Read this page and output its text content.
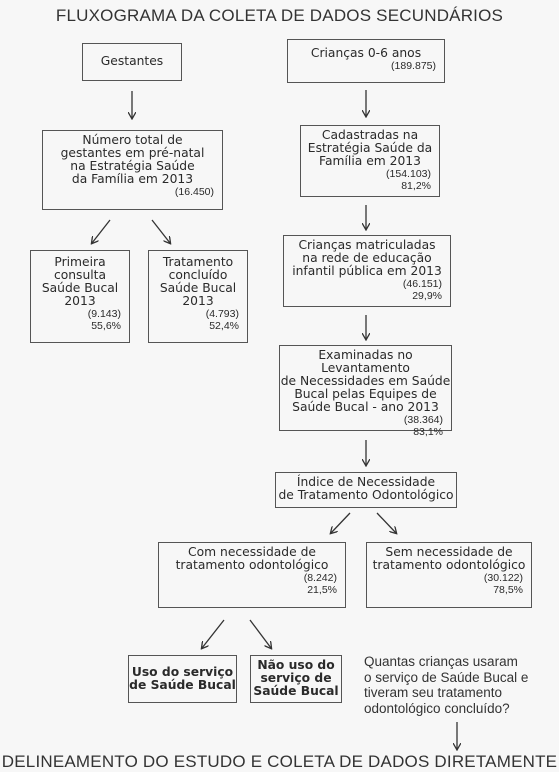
FLUXOGRAMA DA COLETA DE DADOS SECUNDÁRIOS
Gestantes
Crianças 0-6 anos
(189.875)
Número total de
gestantes em pré-natal
na Estratégia Saúde
da Família em 2013
(16.450)
Cadastradas na
Estratégia Saúde da
Família em 2013
(154.103)
81,2%
Primeira
consulta
Saúde Bucal
2013
(9.143)
55,6%
Tratamento
concluído
Saúde Bucal
2013
(4.793)
52,4%
Crianças matriculadas
na rede de educação
infantil pública em 2013
(46.151)
29,9%
Examinadas no Levantamento
de Necessidades em Saúde
Bucal pelas Equipes de
Saúde Bucal - ano 2013
(38.364)
83,1%
Índice de Necessidade
de Tratamento Odontológico
Com necessidade de
tratamento odontológico
(8.242)
21,5%
Sem necessidade de
tratamento odontológico
(30.122)
78,5%
Uso do serviço
de Saúde Bucal
Não uso do
serviço de
Saúde Bucal
Quantas crianças usaram
o serviço de Saúde Bucal e
tiveram seu tratamento
odontológico concluído?
DELINEAMENTO DO ESTUDO E COLETA DE DADOS DIRETAMENTE
